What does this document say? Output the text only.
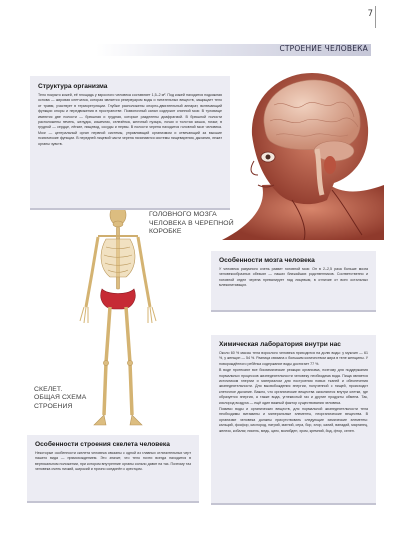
7
СТРОЕНИЕ ЧЕЛОВЕКА

ГОЛОВНОГО МОЗГА
ЧЕЛОВЕКА В ЧЕРЕПНОЙ
КОРОБКЕ
СКЕЛЕТ.
ОБЩАЯ СХЕМА
СТРОЕНИЯ
Структура организма

Тело покрыто кожей, её площадь у взрослого человека составляет 1,5–2 м². Под кожей находится подкожная основа — жировая клетчатка, которая является резервуаром воды и питательных веществ, защищает тело от травм, участвует в терморегуляции. Глубже расположены опорно-двигательный аппарат, включающий функции опоры и передвижения в пространстве. Позвоночный канал содержит спинной мозг. В туловище имеются две полости — брюшная и грудная, которые разделены диафрагмой. В брюшной полости расположены печень, желудок, кишечник, селезёнка, желчный пузырь, почки и толстая кишка, почки; в грудной — сердце, лёгкие, пищевод, сосуды и нервы. В полости черепа находится головной мозг человека. Мозг — центральный орган нервной системы, управляющий организмом и отвечающий за высшие психические функции. В передней лицевой части черепа начинаются системы пищеварения, дыхания, лежат органы чувств.

Особенности мозга человека

У человека разумного очень развит головной мозг. Он в 2–2,5 раза больше мозга человекообразных обезьян — наших ближайших родственников. Соответственно и головной отдел черепа превалирует над лицевым, в отличие от всех остальных млекопитающих.

Химическая лаборатория внутри нас

Около 60 % массы тела взрослого человека приходится на долю воды: у мужчин — 61 %, у женщин — 54 %. Разница связана с большим количеством жира в теле женщины. У новорождённого ребёнка содержание воды достигает 77 %.

В воде протекают все биохимические реакции организма, поэтому для поддержания нормальных процессов жизнедеятельности человеку необходима вода. Пища является источником энергии и материалом для построения новых тканей и обеспечения жизнедеятельности. Для высвобождения энергии, полученной с пищей, происходит клеточное дыхание. Важно, что органические вещества окисляются внутри клетки, где образуется энергия, а также вода, углекислый газ и другие продукты обмена. Так, кислород воздуха — ещё один важный фактор существования человека.

Помимо воды и органических веществ, для нормальной жизнедеятельности тела необходимы витамины и минеральные элементы, неорганические вещества. В организме человека должны присутствовать следующие химические элементы: кальций, фосфор, кислород, натрий, магний, сера, бор, хлор, калий, ванадий, марганец, железо, кобальт, никель, медь, цинк, молибден, хром, кремний, йод, фтор, селен.

Особенности строения скелета человека

Некоторые особенности скелета человека связаны с одной из главных отличительных черт нашего вида — прямохождением. Это значит, что тело почти всегда находится в вертикальном положении, при котором внутренние органы сильно давят на таз. Поэтому таз человека очень низкий, широкий и прочно соединён с крестцом.
